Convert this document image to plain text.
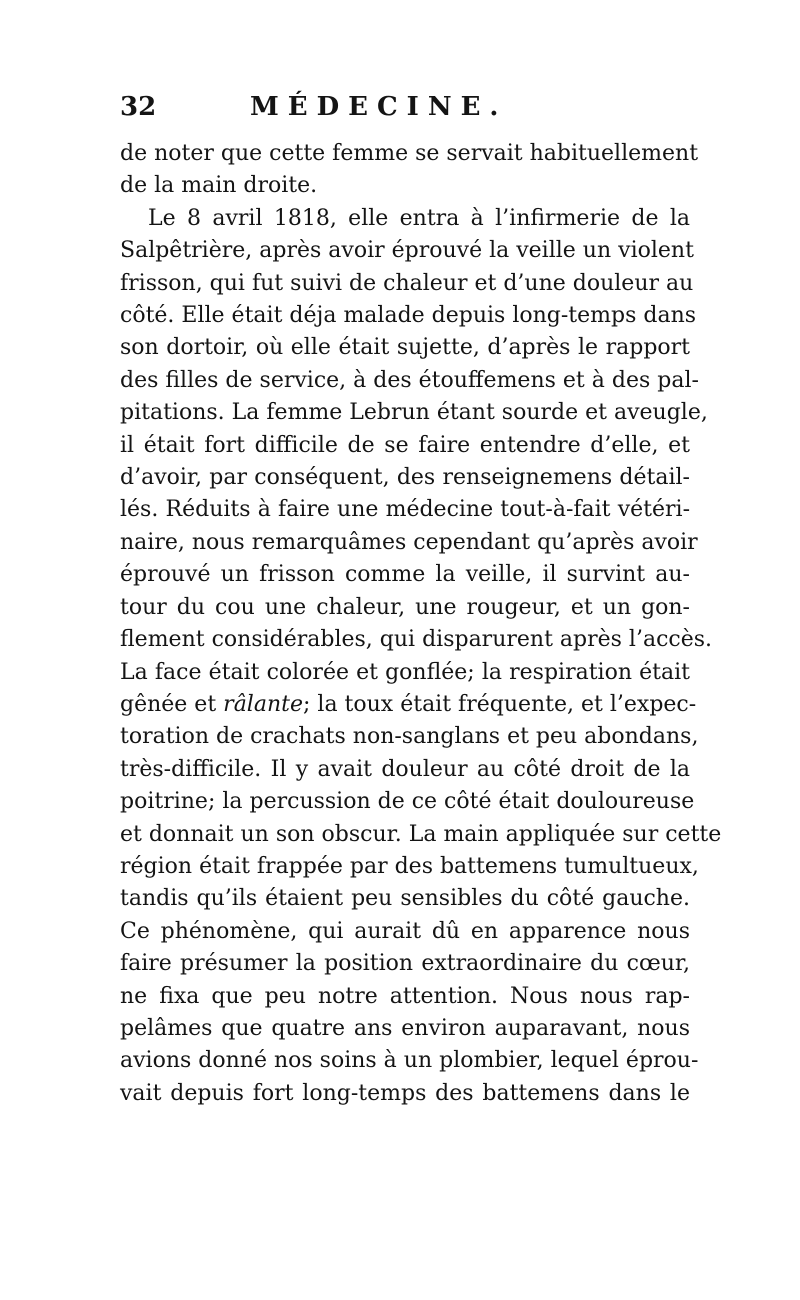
32	MÉDECINE.
de noter que cette femme se servait habituellement
de la main droite.
Le 8 avril 1818, elle entra à l’infirmerie de la
Salpêtrière, après avoir éprouvé la veille un violent
frisson, qui fut suivi de chaleur et d’une douleur au
côté. Elle était déja malade depuis long-temps dans
son dortoir, où elle était sujette, d’après le rapport
des filles de service, à des étouffemens et à des pal-
pitations. La femme Lebrun étant sourde et aveugle,
il était fort difficile de se faire entendre d’elle, et
d’avoir, par conséquent, des renseignemens détail-
lés. Réduits à faire une médecine tout-à-fait vétéri-
naire, nous remarquâmes cependant qu’après avoir
éprouvé un frisson comme la veille, il survint au-
tour du cou une chaleur, une rougeur, et un gon-
flement considérables, qui disparurent après l’accès.
La face était colorée et gonflée; la respiration était
gênée et râlante; la toux était fréquente, et l’expec-
toration de crachats non-sanglans et peu abondans,
très-difficile. Il y avait douleur au côté droit de la
poitrine; la percussion de ce côté était douloureuse
et donnait un son obscur. La main appliquée sur cette
région était frappée par des battemens tumultueux,
tandis qu’ils étaient peu sensibles du côté gauche.
Ce phénomène, qui aurait dû en apparence nous
faire présumer la position extraordinaire du cœur,
ne fixa que peu notre attention. Nous nous rap-
pelâmes que quatre ans environ auparavant, nous
avions donné nos soins à un plombier, lequel éprou-
vait depuis fort long-temps des battemens dans le
